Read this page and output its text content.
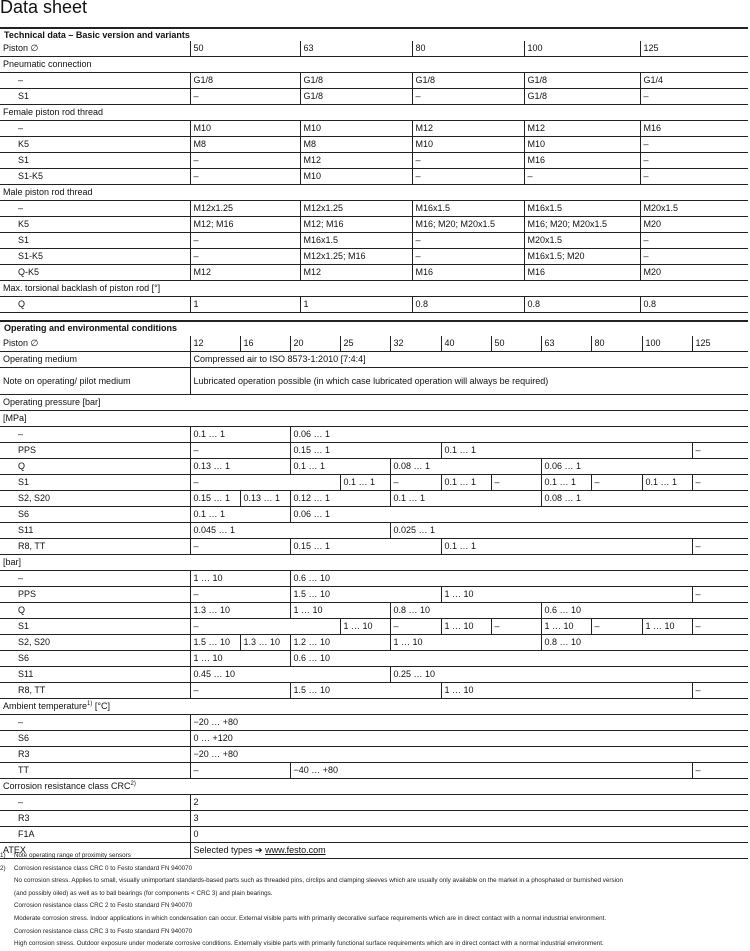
Data sheet
Technical data – Basic version and variants
Piston ∅	50	63	80	100	125
Pneumatic connection					
–	G1/8	G1/8	G1/8	G1/8	G1/4
S1	–	G1/8	–	G1/8	–
Female piston rod thread					
–	M10	M10	M12	M12	M16
K5	M8	M8	M10	M10	–
S1	–	M12	–	M16	–
S1-K5	–	M10	–	–	–
Male piston rod thread					
–	M12x1.25	M12x1.25	M16x1.5	M16x1.5	M20x1.5
K5	M12; M16	M12; M16	M16; M20; M20x1.5	M16; M20; M20x1.5	M20
S1	–	M16x1.5	–	M20x1.5	–
S1-K5	–	M12x1.25; M16	–	M16x1.5; M20	–
Q-K5	M12	M12	M16	M16	M20
Max. torsional backlash of piston rod [°]					
Q	1	1	0.8	0.8	0.8
Operating and environmental conditions
Piston ∅	12	16	20	25	32	40	50	63	80	100	125
Operating medium	Compressed air to ISO 8573-1:2010 [7:4:4]										
Note on operating/ pilot medium	Lubricated operation possible (in which case lubricated operation will always be required)										
Operating pressure [bar]											
[MPa]											
–	0.1 … 1		0.06 … 1								
PPS	–		0.15 … 1			0.1 … 1					–
Q	0.13 … 1		0.1 … 1		0.08 … 1			0.06 … 1			
S1	–			0.1 … 1	–	0.1 … 1	–	0.1 … 1	–	0.1 … 1	–
S2, S20	0.15 … 1	0.13 … 1	0.12 … 1		0.1 … 1			0.08 … 1			
S6	0.1 … 1		0.06 … 1								
S11	0.045 … 1				0.025 … 1						
R8, TT	–		0.15 … 1			0.1 … 1					–
[bar]											
–	1 … 10		0.6 … 10								
PPS	–		1.5 … 10			1 … 10					–
Q	1.3 … 10		1 … 10		0.8 … 10			0.6 … 10			
S1	–			1 … 10	–	1 … 10	–	1 … 10	–	1 … 10	–
S2, S20	1.5 … 10	1.3 … 10	1.2 … 10		1 … 10			0.8 … 10			
S6	1 … 10		0.6 … 10								
S11	0.45 … 10				0.25 … 10						
R8, TT	–		1.5 … 10			1 … 10					–
Ambient temperature$^{1)}$ [°C]											
–	−20 … +80										
S6	0 … +120										
R3	−20 … +80										
TT	–		−40 … +80								–
Corrosion resistance class CRC$^{2)}$
–	2										
R3	3										
F1A	0										
ATEX	Selected types ➔ www.festo.com										
1) Note operating range of proximity sensors
2) Corrosion resistance class CRC 0 to Festo standard FN 940070
No corrosion stress. Applies to small, visually unimportant standards-based parts such as threaded pins, circlips and clamping sleeves which are usually only available on the market in a phosphated or burnished version
(and possibly oiled) as well as to ball bearings (for components < CRC 3) and plain bearings.
Corrosion resistance class CRC 2 to Festo standard FN 940070
Moderate corrosion stress. Indoor applications in which condensation can occur. External visible parts with primarily decorative surface requirements which are in direct contact with a normal industrial environment.
Corrosion resistance class CRC 3 to Festo standard FN 940070
High corrosion stress. Outdoor exposure under moderate corrosive conditions. Externally visible parts with primarily functional surface requirements which are in direct contact with a normal industrial environment.
